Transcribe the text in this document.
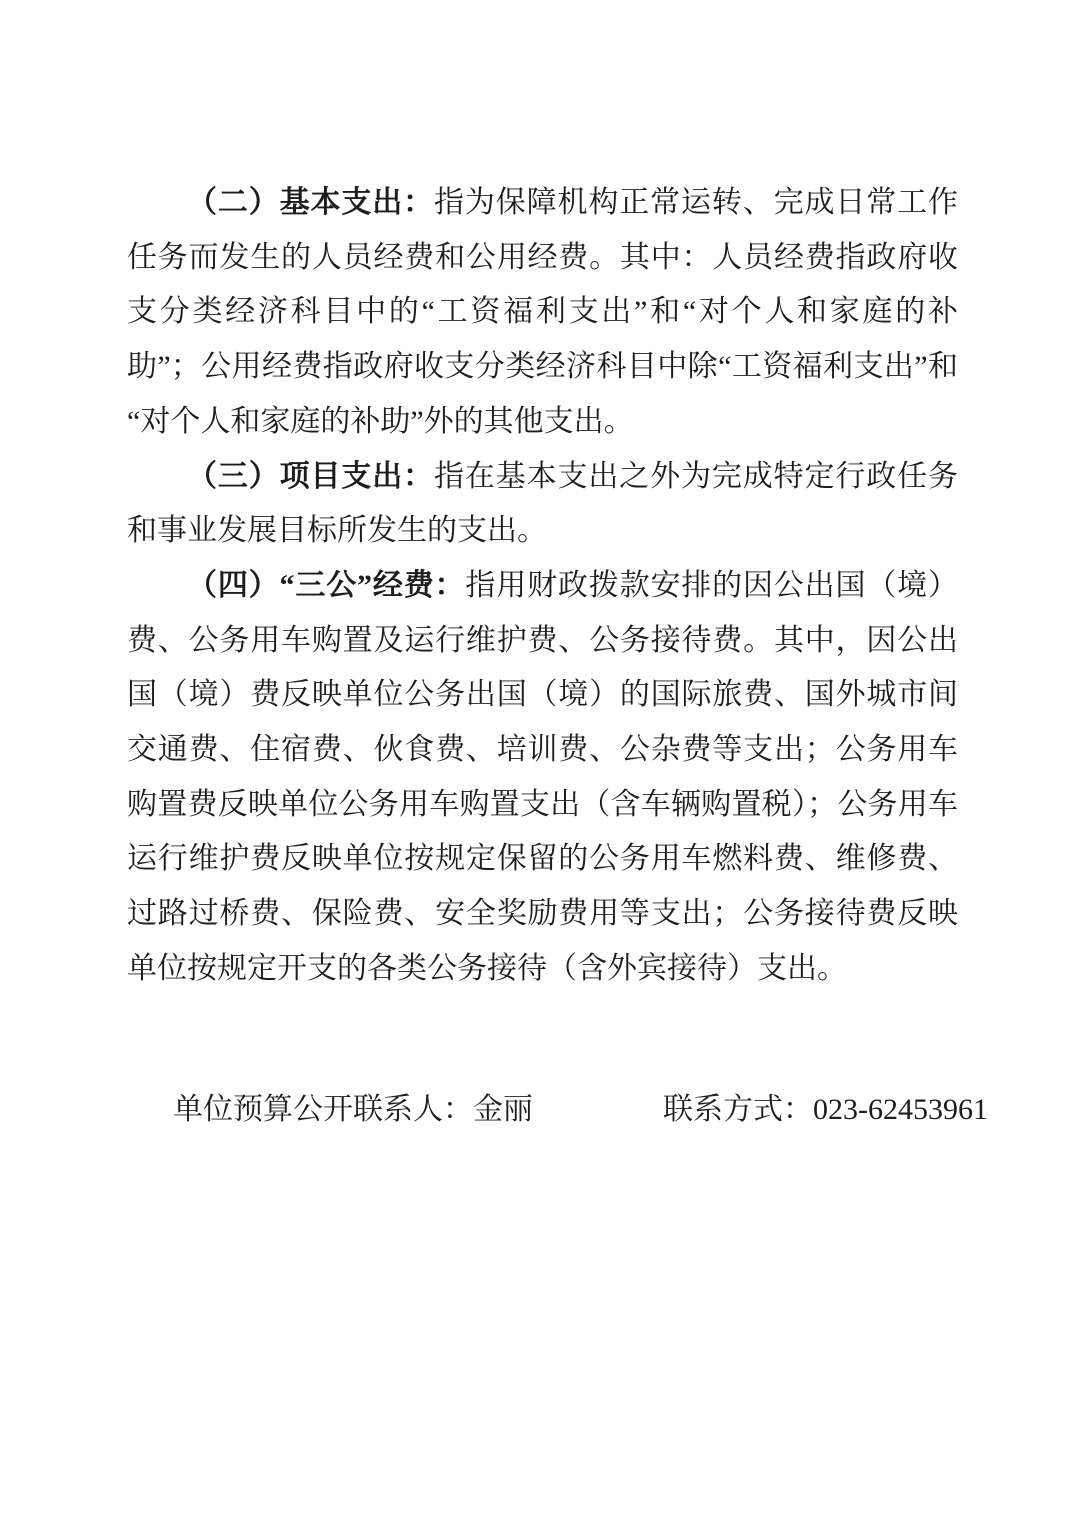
（二）基本支出：指为保障机构正常运转、完成日常工作任务而发生的人员经费和公用经费。其中：人员经费指政府收支分类经济科目中的“工资福利支出”和“对个人和家庭的补助”；公用经费指政府收支分类经济科目中除“工资福利支出”和“对个人和家庭的补助”外的其他支出。

（三）项目支出：指在基本支出之外为完成特定行政任务和事业发展目标所发生的支出。

（四）“三公”经费：指用财政拨款安排的因公出国（境）费、公务用车购置及运行维护费、公务接待费。其中，因公出国（境）费反映单位公务出国（境）的国际旅费、国外城市间交通费、住宿费、伙食费、培训费、公杂费等支出；公务用车购置费反映单位公务用车购置支出（含车辆购置税）；公务用车运行维护费反映单位按规定保留的公务用车燃料费、维修费、过路过桥费、保险费、安全奖励费用等支出；公务接待费反映单位按规定开支的各类公务接待（含外宾接待）支出。

单位预算公开联系人：金丽	联系方式：023-62453961
